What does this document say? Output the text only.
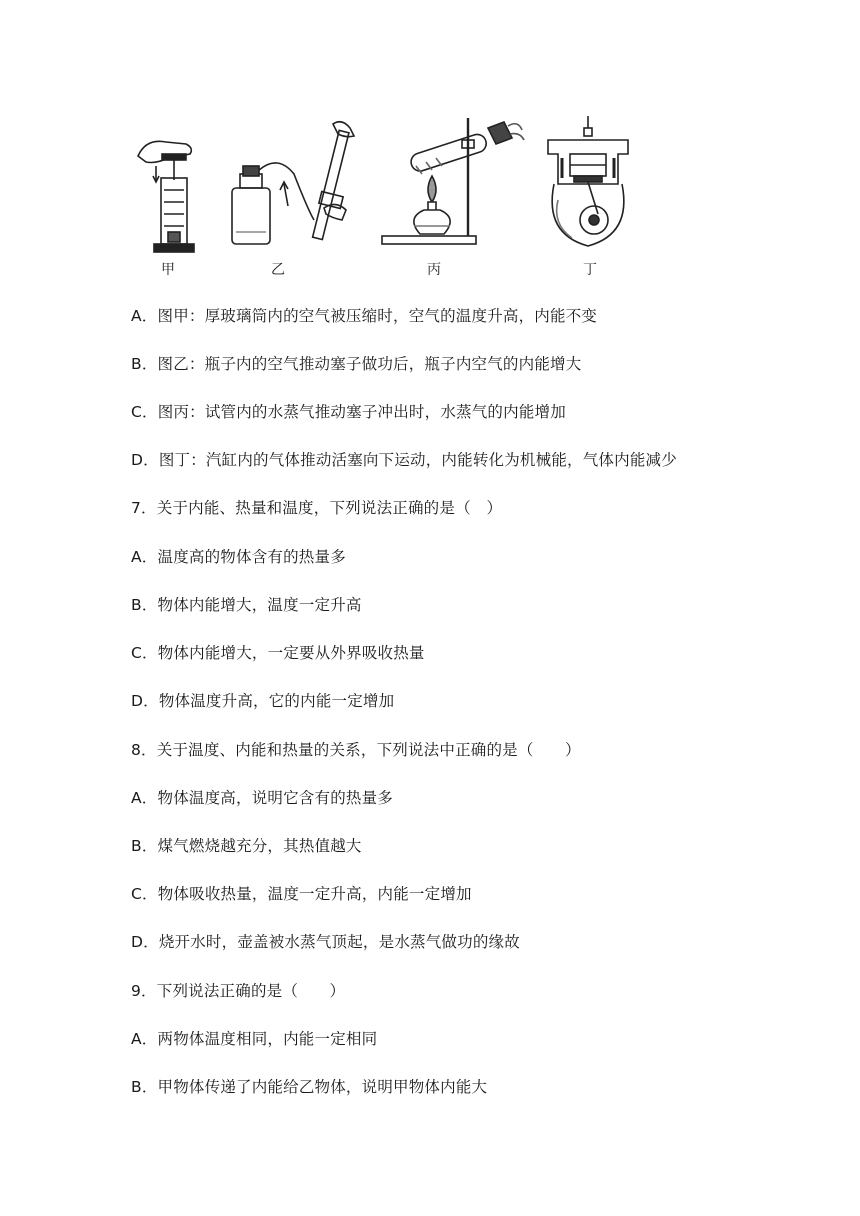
甲	乙	丙	丁
A．图甲：厚玻璃筒内的空气被压缩时，空气的温度升高，内能不变
B．图乙：瓶子内的空气推动塞子做功后，瓶子内空气的内能增大
C．图丙：试管内的水蒸气推动塞子冲出时，水蒸气的内能增加
D．图丁：汽缸内的气体推动活塞向下运动，内能转化为机械能，气体内能减少
7．关于内能、热量和温度，下列说法正确的是（　）
A．温度高的物体含有的热量多
B．物体内能增大，温度一定升高
C．物体内能增大，一定要从外界吸收热量
D．物体温度升高，它的内能一定增加
8．关于温度、内能和热量的关系，下列说法中正确的是（　　）
A．物体温度高，说明它含有的热量多
B．煤气燃烧越充分，其热值越大
C．物体吸收热量，温度一定升高，内能一定增加
D．烧开水时，壶盖被水蒸气顶起，是水蒸气做功的缘故
9．下列说法正确的是（　　）
A．两物体温度相同，内能一定相同
B．甲物体传递了内能给乙物体，说明甲物体内能大
